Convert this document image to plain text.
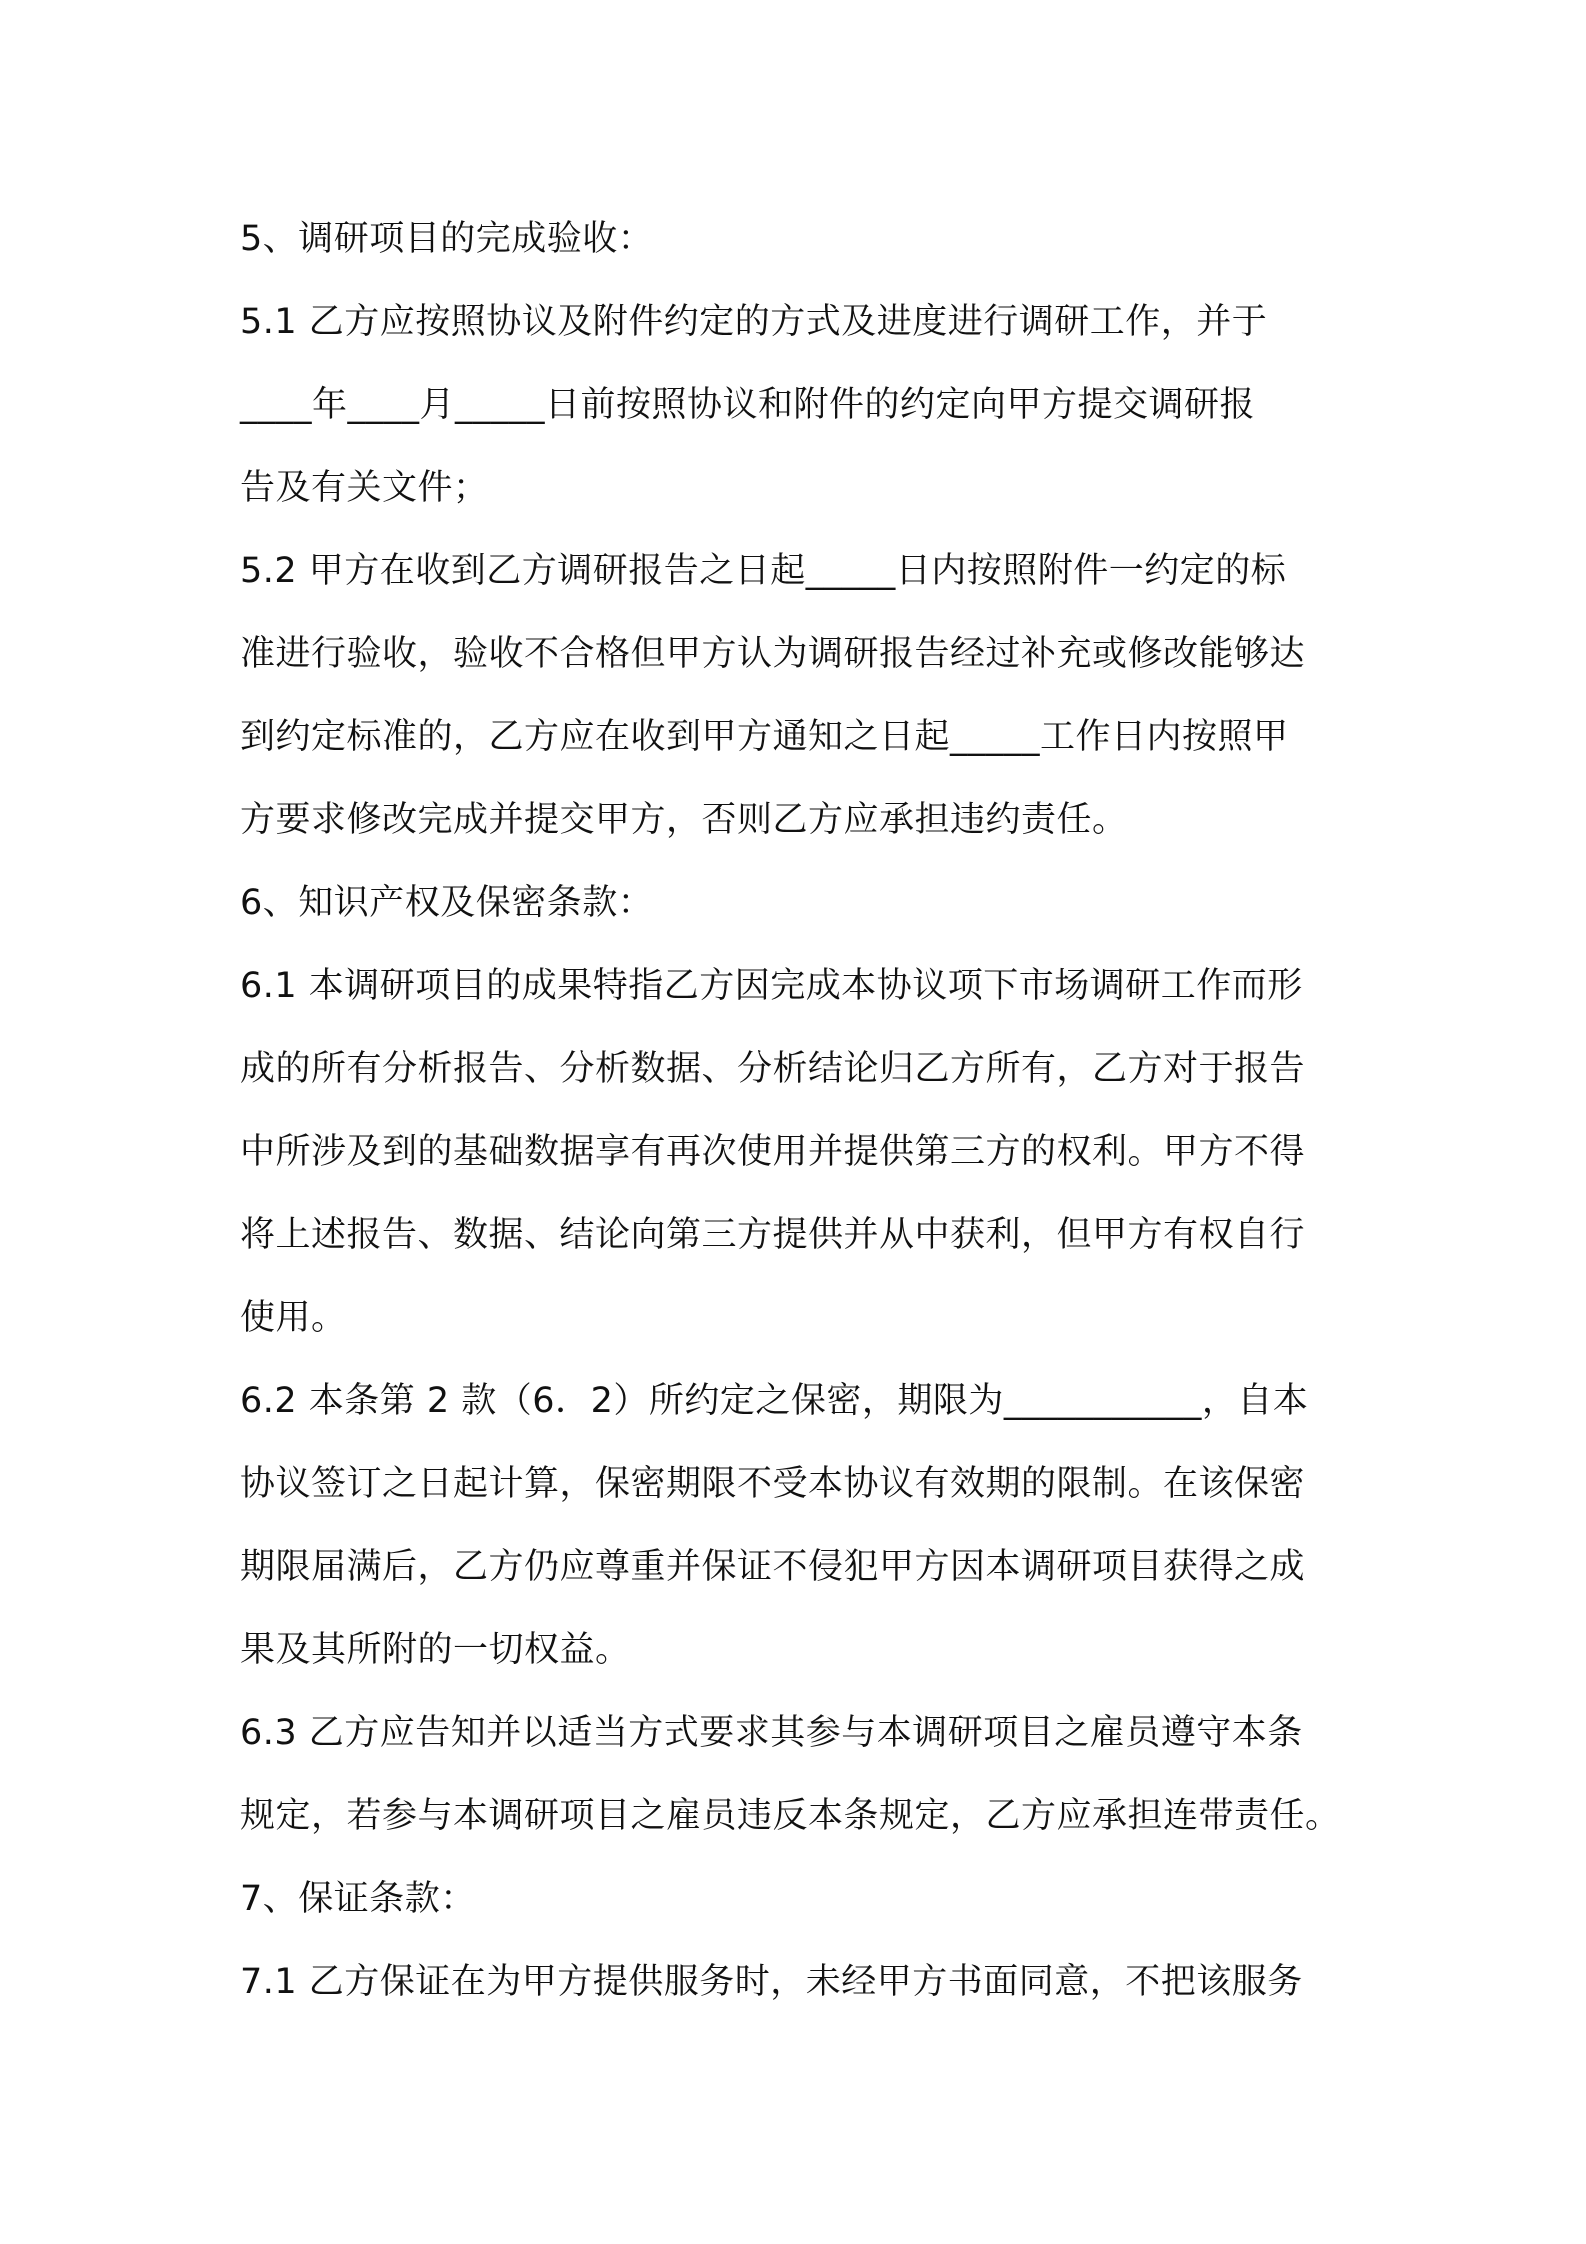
5、调研项目的完成验收：
5.1 乙方应按照协议及附件约定的方式及进度进行调研工作，并于
____年____月_____日前按照协议和附件的约定向甲方提交调研报
告及有关文件；
5.2 甲方在收到乙方调研报告之日起_____日内按照附件一约定的标
准进行验收，验收不合格但甲方认为调研报告经过补充或修改能够达
到约定标准的，乙方应在收到甲方通知之日起_____工作日内按照甲
方要求修改完成并提交甲方，否则乙方应承担违约责任。
6、知识产权及保密条款：
6.1 本调研项目的成果特指乙方因完成本协议项下市场调研工作而形
成的所有分析报告、分析数据、分析结论归乙方所有，乙方对于报告
中所涉及到的基础数据享有再次使用并提供第三方的权利。甲方不得
将上述报告、数据、结论向第三方提供并从中获利，但甲方有权自行
使用。
6.2 本条第 2 款（6．2）所约定之保密，期限为___________，自本
协议签订之日起计算，保密期限不受本协议有效期的限制。在该保密
期限届满后，乙方仍应尊重并保证不侵犯甲方因本调研项目获得之成
果及其所附的一切权益。
6.3 乙方应告知并以适当方式要求其参与本调研项目之雇员遵守本条
规定，若参与本调研项目之雇员违反本条规定，乙方应承担连带责任。
7、保证条款：
7.1 乙方保证在为甲方提供服务时，未经甲方书面同意，不把该服务
